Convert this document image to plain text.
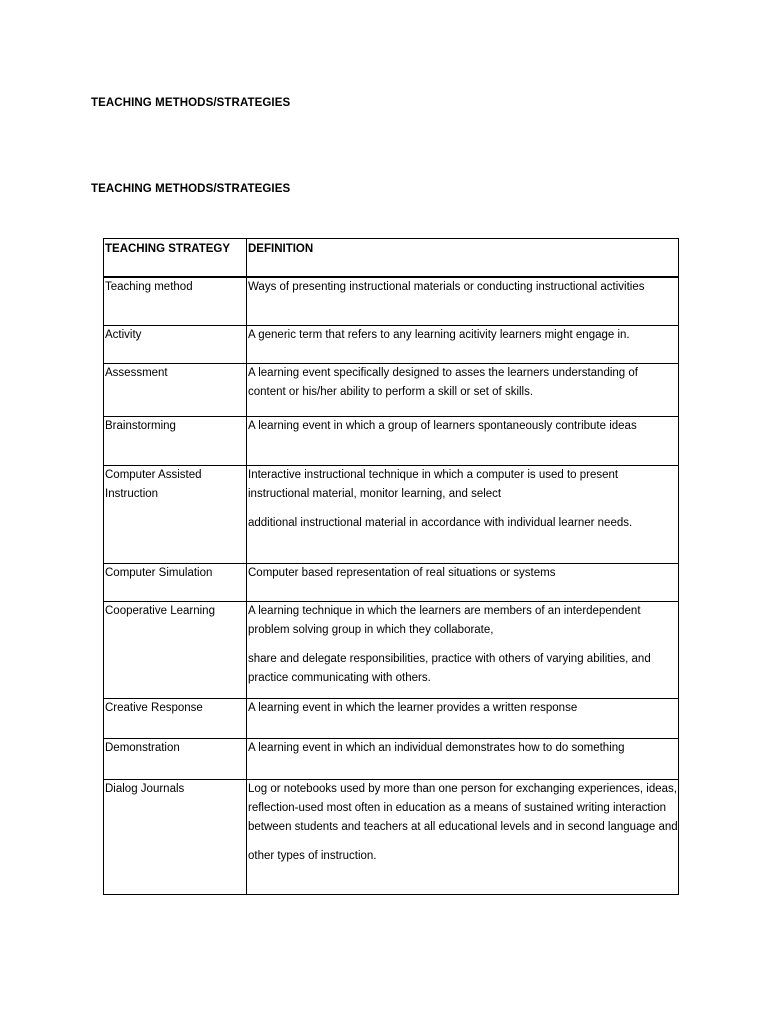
TEACHING METHODS/STRATEGIES
TEACHING METHODS/STRATEGIES
TEACHING STRATEGY	DEFINITION
Teaching method	Ways of presenting instructional materials or conducting instructional activities

Activity	A generic term that refers to any learning acitivity learners might engage in.

Assessment	A learning event specifically designed to asses the learners understanding of content or his/her ability to perform a skill or set of skills.

Brainstorming	A learning event in which a group of learners spontaneously contribute ideas

Computer Assisted Instruction	Interactive instructional technique in which a computer is used to present instructional material, monitor learning, and select

additional instructional material in accordance with individual learner needs.

Computer Simulation	Computer based representation of real situations or systems

Cooperative Learning	A learning technique in which the learners are members of an interdependent problem solving group in which they collaborate,

share and delegate responsibilities, practice with others of varying abilities, and practice communicating with others.

Creative Response	A learning event in which the learner provides a written response

Demonstration	A learning event in which an individual demonstrates how to do something

Dialog Journals	Log or notebooks used by more than one person for exchanging experiences, ideas, reflection-used most often in education as a means of sustained writing interaction between students and teachers at all educational levels and in second language and

other types of instruction.
